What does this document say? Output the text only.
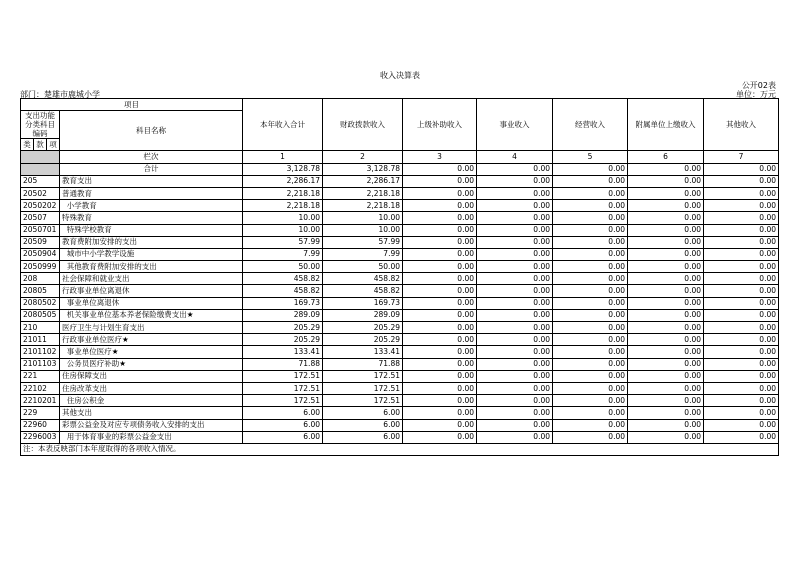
收入决算表
公开02表
部门：楚雄市鹿城小学	单位：万元
项目				本年收入合计	财政拨款收入	上级补助收入	事业收入	经营收入	附属单位上缴收入	其他收入
支出功能分类科目编码			科目名称							

类	款	项								
			栏次	1	2	3	4	5	6	7
			合计	3,128.78	3,128.78	0.00	0.00	0.00	0.00	0.00
205			教育支出	2,286.17	2,286.17	0.00	0.00	0.00	0.00	0.00
20502			普通教育	2,218.18	2,218.18	0.00	0.00	0.00	0.00	0.00
2050202			小学教育	2,218.18	2,218.18	0.00	0.00	0.00	0.00	0.00
20507			特殊教育	10.00	10.00	0.00	0.00	0.00	0.00	0.00
2050701			特殊学校教育	10.00	10.00	0.00	0.00	0.00	0.00	0.00
20509			教育费附加安排的支出	57.99	57.99	0.00	0.00	0.00	0.00	0.00
2050904			城市中小学教学设施	7.99	7.99	0.00	0.00	0.00	0.00	0.00
2050999			其他教育费附加安排的支出	50.00	50.00	0.00	0.00	0.00	0.00	0.00
208			社会保障和就业支出	458.82	458.82	0.00	0.00	0.00	0.00	0.00
20805			行政事业单位离退休	458.82	458.82	0.00	0.00	0.00	0.00	0.00
2080502			事业单位离退休	169.73	169.73	0.00	0.00	0.00	0.00	0.00
2080505			机关事业单位基本养老保险缴费支出★	289.09	289.09	0.00	0.00	0.00	0.00	0.00
210			医疗卫生与计划生育支出	205.29	205.29	0.00	0.00	0.00	0.00	0.00
21011			行政事业单位医疗★	205.29	205.29	0.00	0.00	0.00	0.00	0.00
2101102			事业单位医疗★	133.41	133.41	0.00	0.00	0.00	0.00	0.00
2101103			公务员医疗补助★	71.88	71.88	0.00	0.00	0.00	0.00	0.00
221			住房保障支出	172.51	172.51	0.00	0.00	0.00	0.00	0.00
22102			住房改革支出	172.51	172.51	0.00	0.00	0.00	0.00	0.00
2210201			住房公积金	172.51	172.51	0.00	0.00	0.00	0.00	0.00
229			其他支出	6.00	6.00	0.00	0.00	0.00	0.00	0.00
22960			彩票公益金及对应专项债务收入安排的支出	6.00	6.00	0.00	0.00	0.00	0.00	0.00
2296003			用于体育事业的彩票公益金支出	6.00	6.00	0.00	0.00	0.00	0.00	0.00
注：本表反映部门本年度取得的各项收入情况。										
